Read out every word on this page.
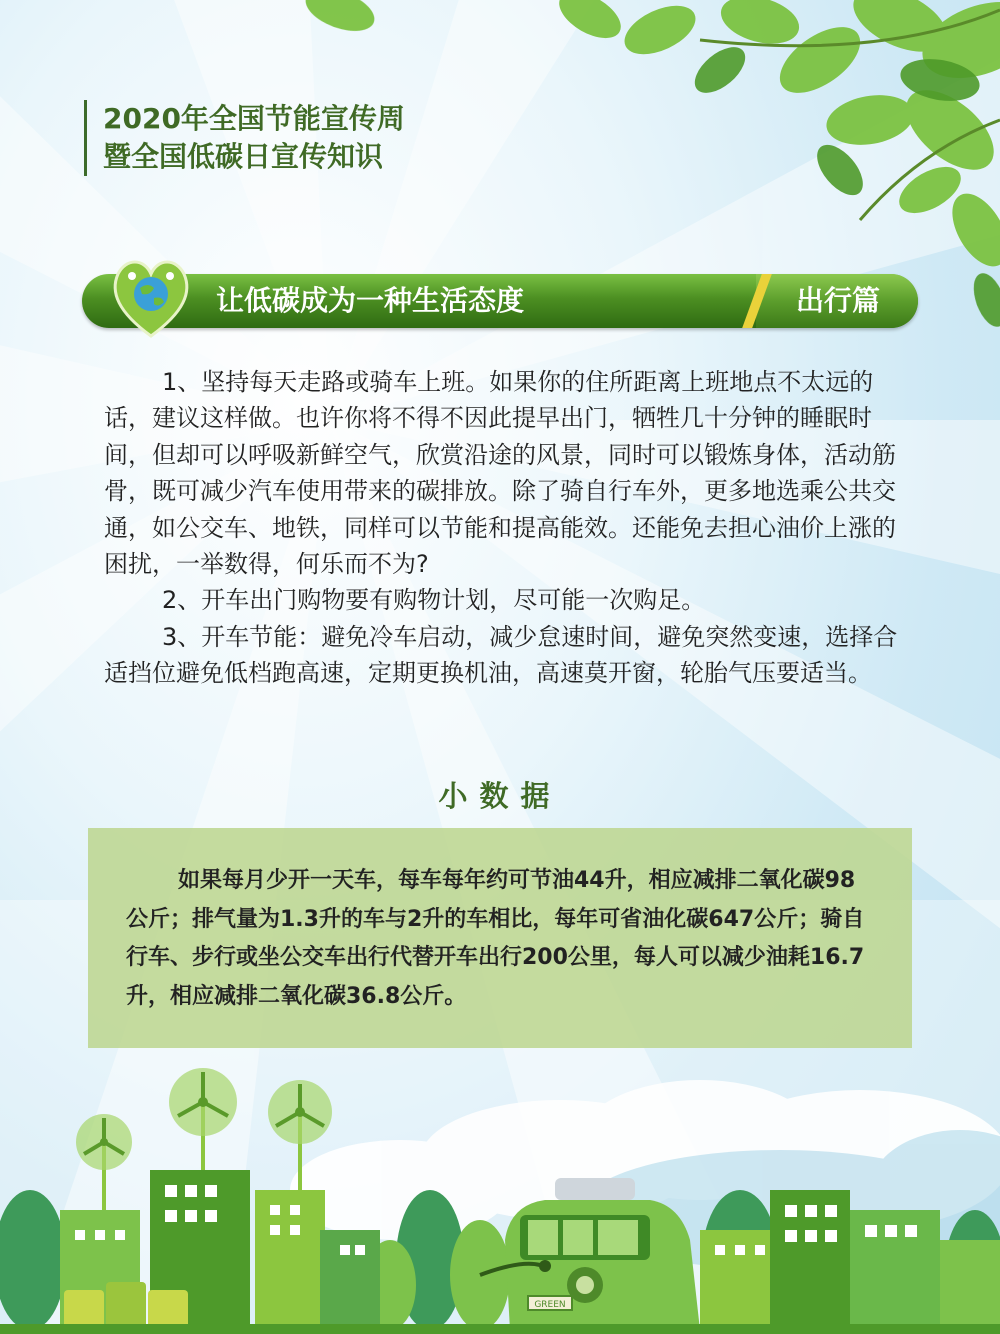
2020年全国节能宣传周
暨全国低碳日宣传知识
让低碳成为一种生活态度	出行篇

1、坚持每天走路或骑车上班。如果你的住所距离上班地点不太远的话，建议这样做。也许你将不得不因此提早出门，牺牲几十分钟的睡眠时间，但却可以呼吸新鲜空气，欣赏沿途的风景，同时可以锻炼身体，活动筋骨，既可减少汽车使用带来的碳排放。除了骑自行车外，更多地选乘公共交通，如公交车、地铁，同样可以节能和提高能效。还能免去担心油价上涨的困扰，一举数得，何乐而不为?

2、开车出门购物要有购物计划，尽可能一次购足。

3、开车节能：避免冷车启动，减少怠速时间，避免突然变速，选择合适挡位避免低档跑高速，定期更换机油，高速莫开窗，轮胎气压要适当。

小数据
如果每月少开一天车，每车每年约可节油44升，相应减排二氧化碳98公斤；排气量为1.3升的车与2升的车相比，每年可省油化碳647公斤；骑自行车、步行或坐公交车出行代替开车出行200公里，每人可以减少油耗16.7升，相应减排二氧化碳36.8公斤。
GREEN
